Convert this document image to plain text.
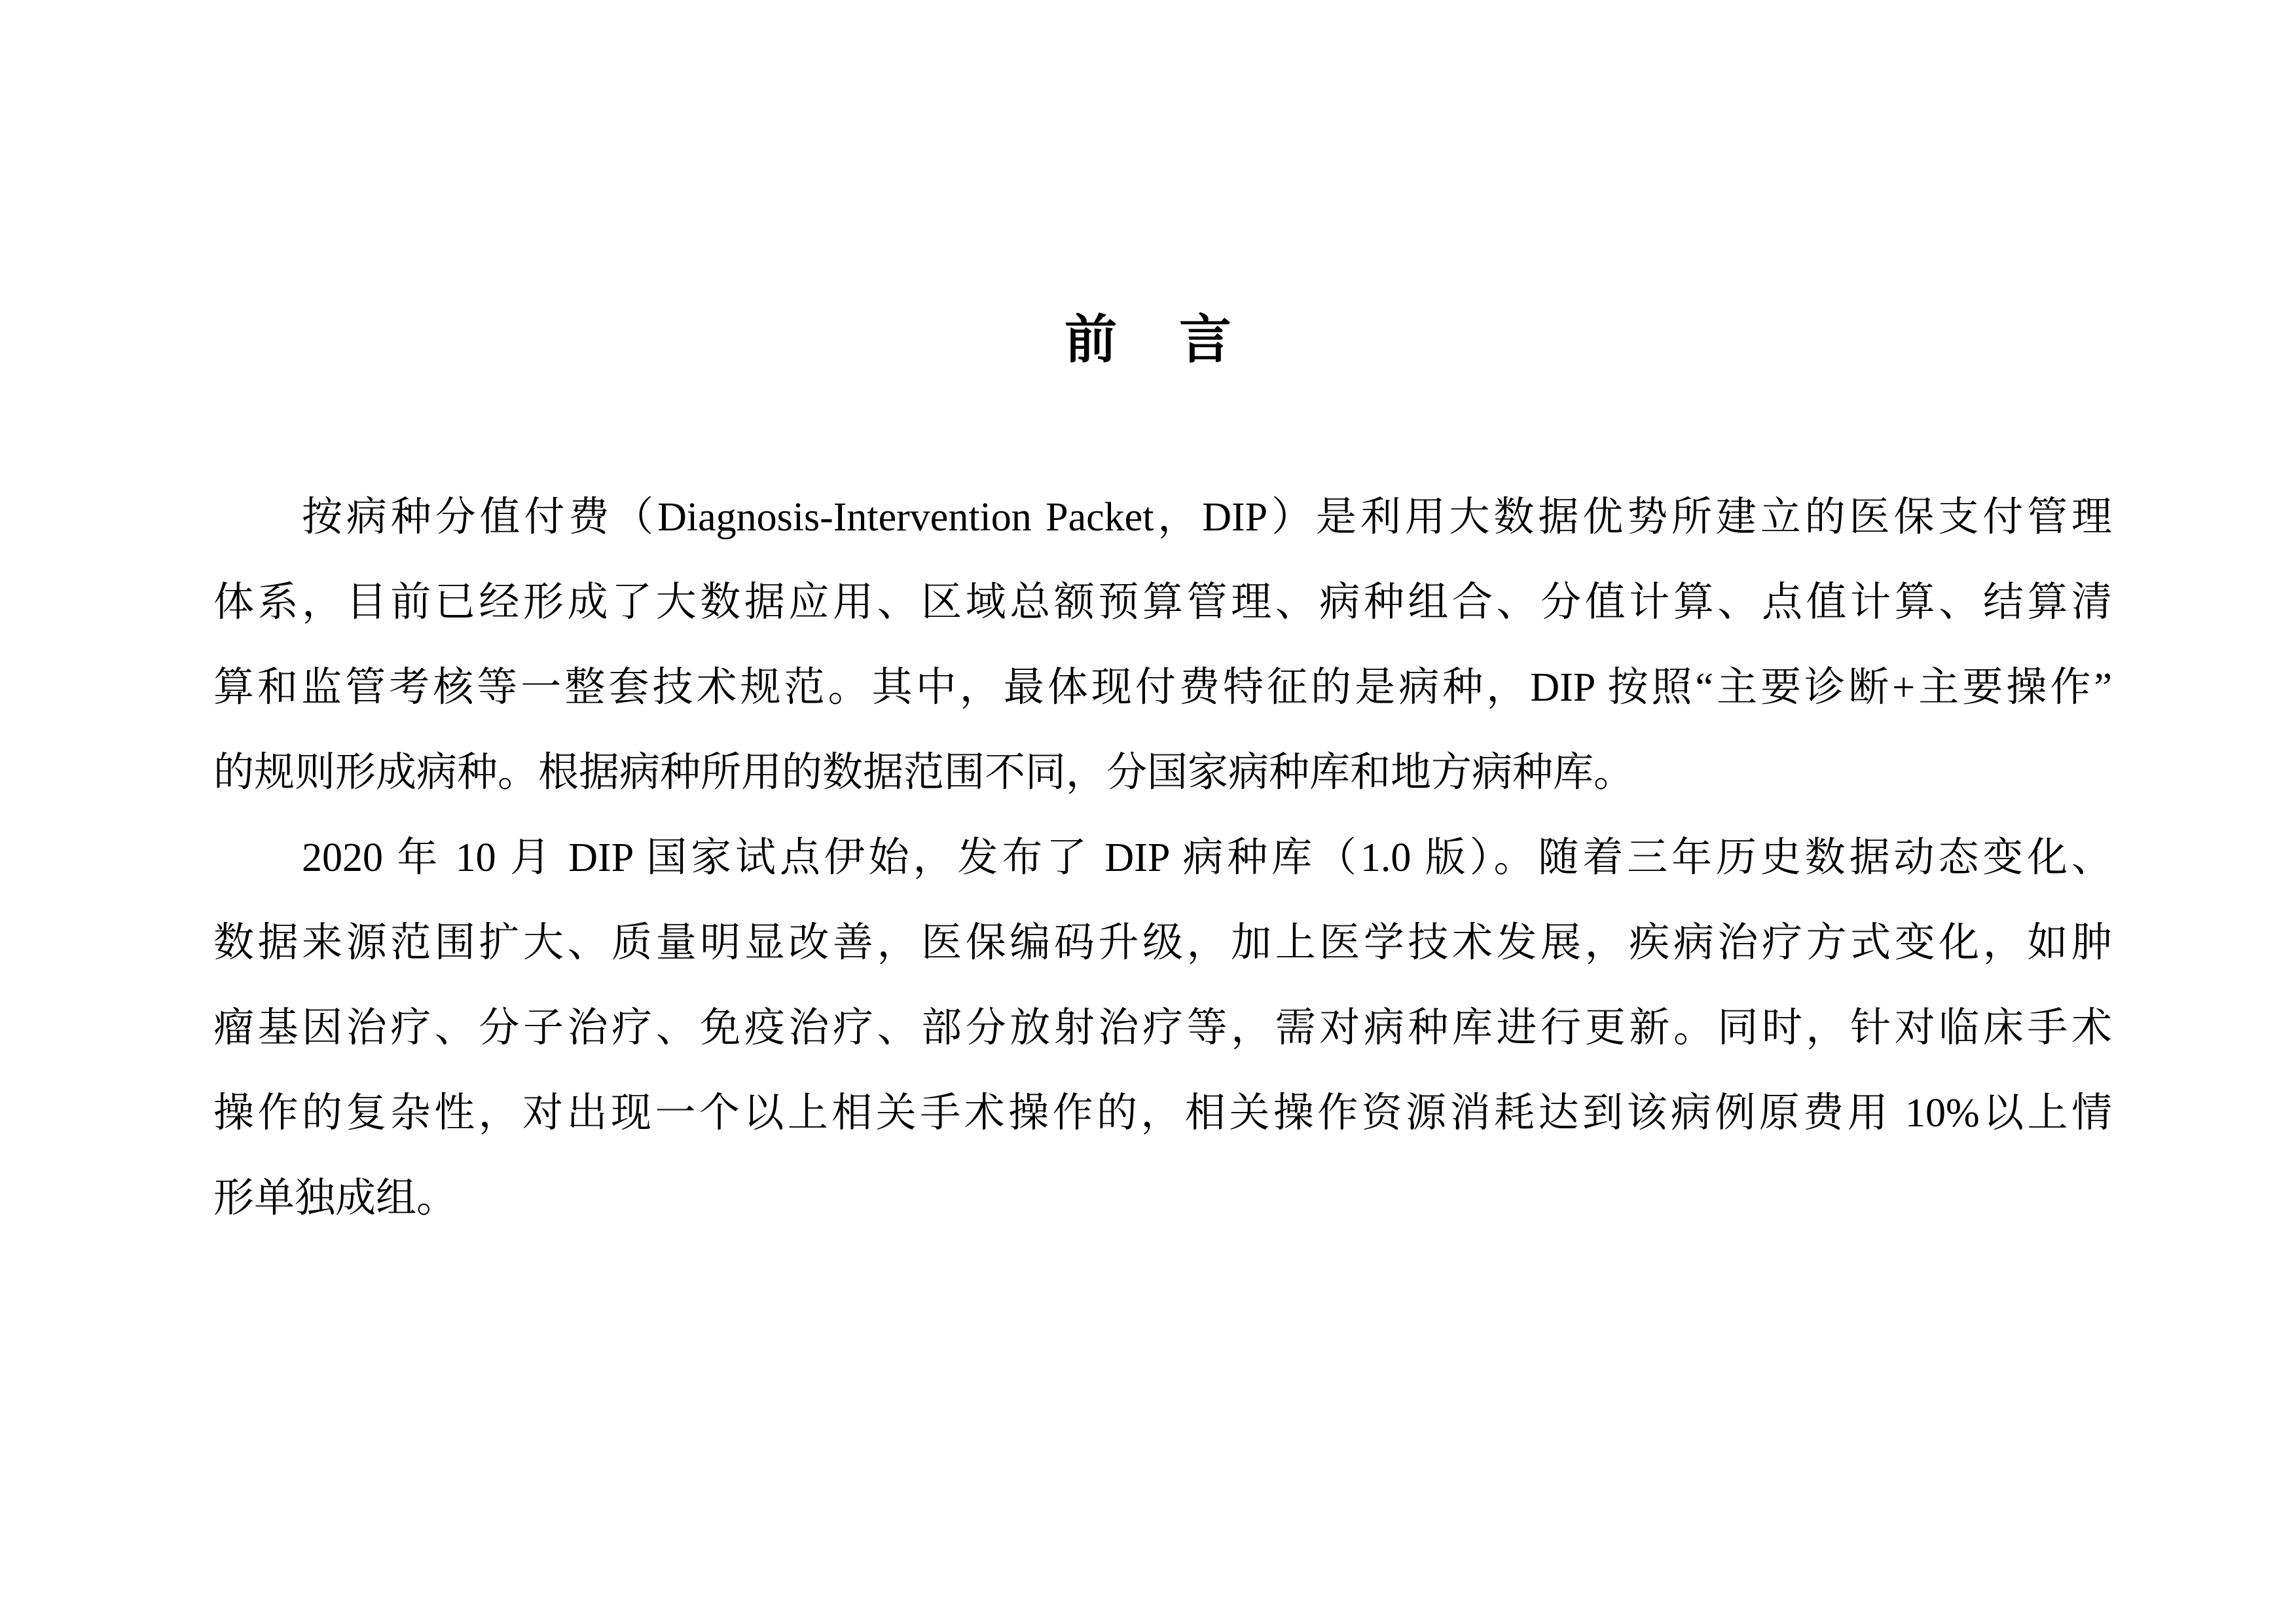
前言
按病种分值付费（Diagnosis-Intervention Packet，DIP）是利用大数据优势所建立的医保支付管理
体系，目前已经形成了大数据应用、区域总额预算管理、病种组合、分值计算、点值计算、结算清
算和监管考核等一整套技术规范。其中，最体现付费特征的是病种，DIP 按照“主要诊断+主要操作”
的规则形成病种。根据病种所用的数据范围不同，分国家病种库和地方病种库。
2020 年 10 月 DIP 国家试点伊始，发布了 DIP 病种库（1.0 版）。随着三年历史数据动态变化、
数据来源范围扩大、质量明显改善，医保编码升级，加上医学技术发展，疾病治疗方式变化，如肿
瘤基因治疗、分子治疗、免疫治疗、部分放射治疗等，需对病种库进行更新。同时，针对临床手术
操作的复杂性，对出现一个以上相关手术操作的，相关操作资源消耗达到该病例原费用 10%以上情
形单独成组。
